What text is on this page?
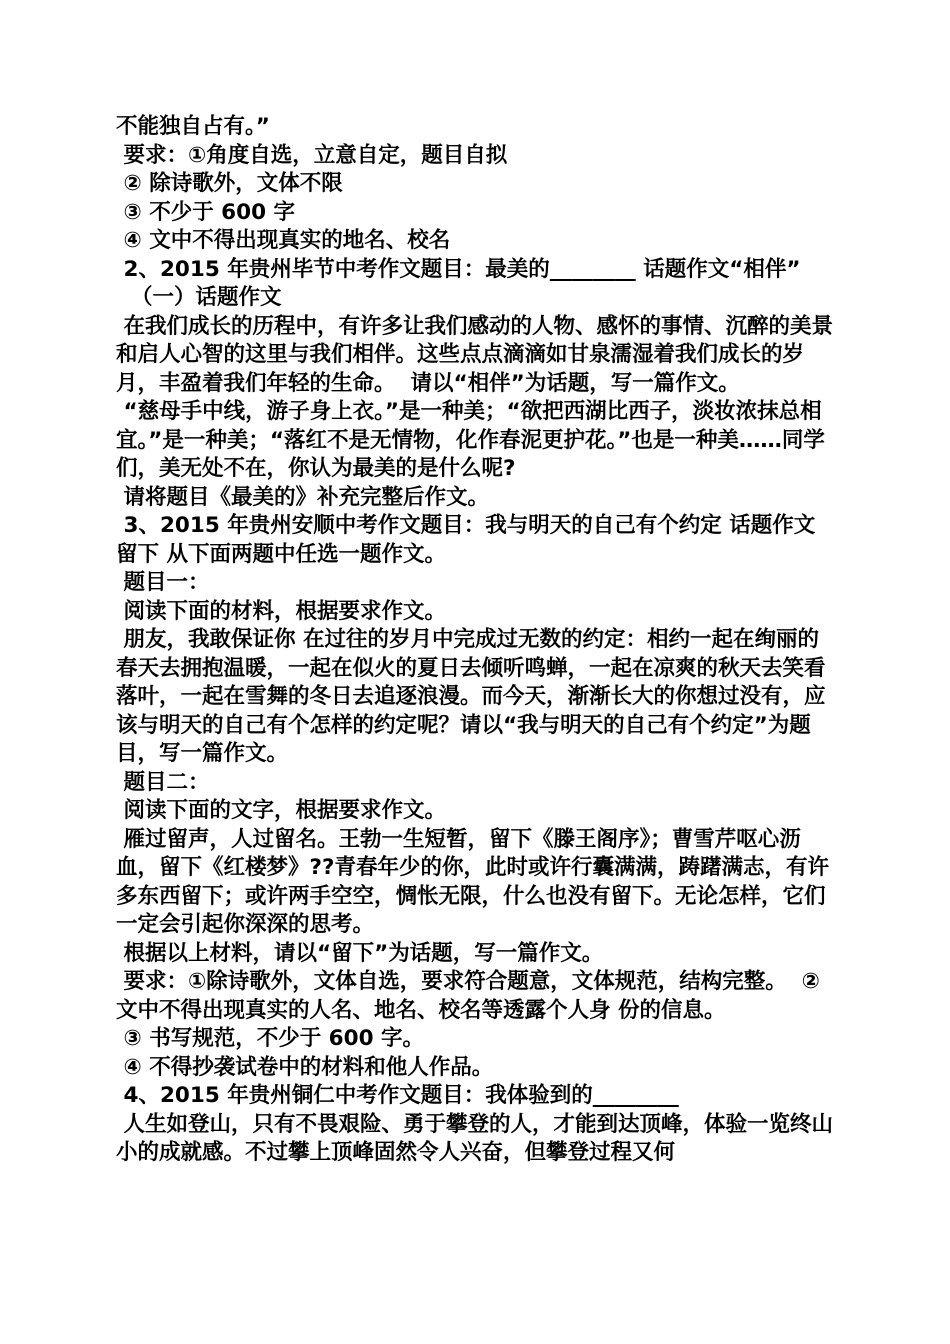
不能独自占有。”

要求：①角度自选，立意自定，题目自拟

② 除诗歌外，文体不限

③ 不少于 600 字

④ 文中不得出现真实的地名、校名

2、2015 年贵州毕节中考作文题目：最美的________ 话题作文“相伴”

（一）话题作文

在我们成长的历程中，有许多让我们感动的人物、感怀的事情、沉醉的美景和启人心智的这里与我们相伴。这些点点滴滴如甘泉濡湿着我们成长的岁月，丰盈着我们年轻的生命。  请以“相伴”为话题，写一篇作文。

“慈母手中线，游子身上衣。”是一种美；“欲把西湖比西子，淡妆浓抹总相宜。”是一种美；“落红不是无情物，化作春泥更护花。”也是一种美……同学们，美无处不在，你认为最美的是什么呢?

请将题目《最美的》补充完整后作文。

3、2015 年贵州安顺中考作文题目：我与明天的自己有个约定 话题作文留下 从下面两题中任选一题作文。

题目一：

阅读下面的材料，根据要求作文。

朋友，我敢保证你 在过往的岁月中完成过无数的约定：相约一起在绚丽的春天去拥抱温暖，一起在似火的夏日去倾听鸣蝉，一起在凉爽的秋天去笑看落叶，一起在雪舞的冬日去追逐浪漫。而今天，渐渐长大的你想过没有，应该与明天的自己有个怎样的约定呢？请以“我与明天的自己有个约定”为题目，写一篇作文。

题目二：

阅读下面的文字，根据要求作文。

雁过留声，人过留名。王勃一生短暂，留下《滕王阁序》；曹雪芹呕心沥血，留下《红楼梦》??青春年少的你，此时或许行囊满满，踌躇满志，有许多东西留下；或许两手空空，惆怅无限，什么也没有留下。无论怎样，它们一定会引起你深深的思考。

根据以上材料，请以“留下”为话题，写一篇作文。

要求：①除诗歌外，文体自选，要求符合题意，文体规范，结构完整。  ②文中不得出现真实的人名、地名、校名等透露个人身 份的信息。

③ 书写规范，不少于 600 字。

④ 不得抄袭试卷中的材料和他人作品。

4、2015 年贵州铜仁中考作文题目：我体验到的________

人生如登山，只有不畏艰险、勇于攀登的人，才能到达顶峰，体验一览终山小的成就感。不过攀上顶峰固然令人兴奋，但攀登过程又何
